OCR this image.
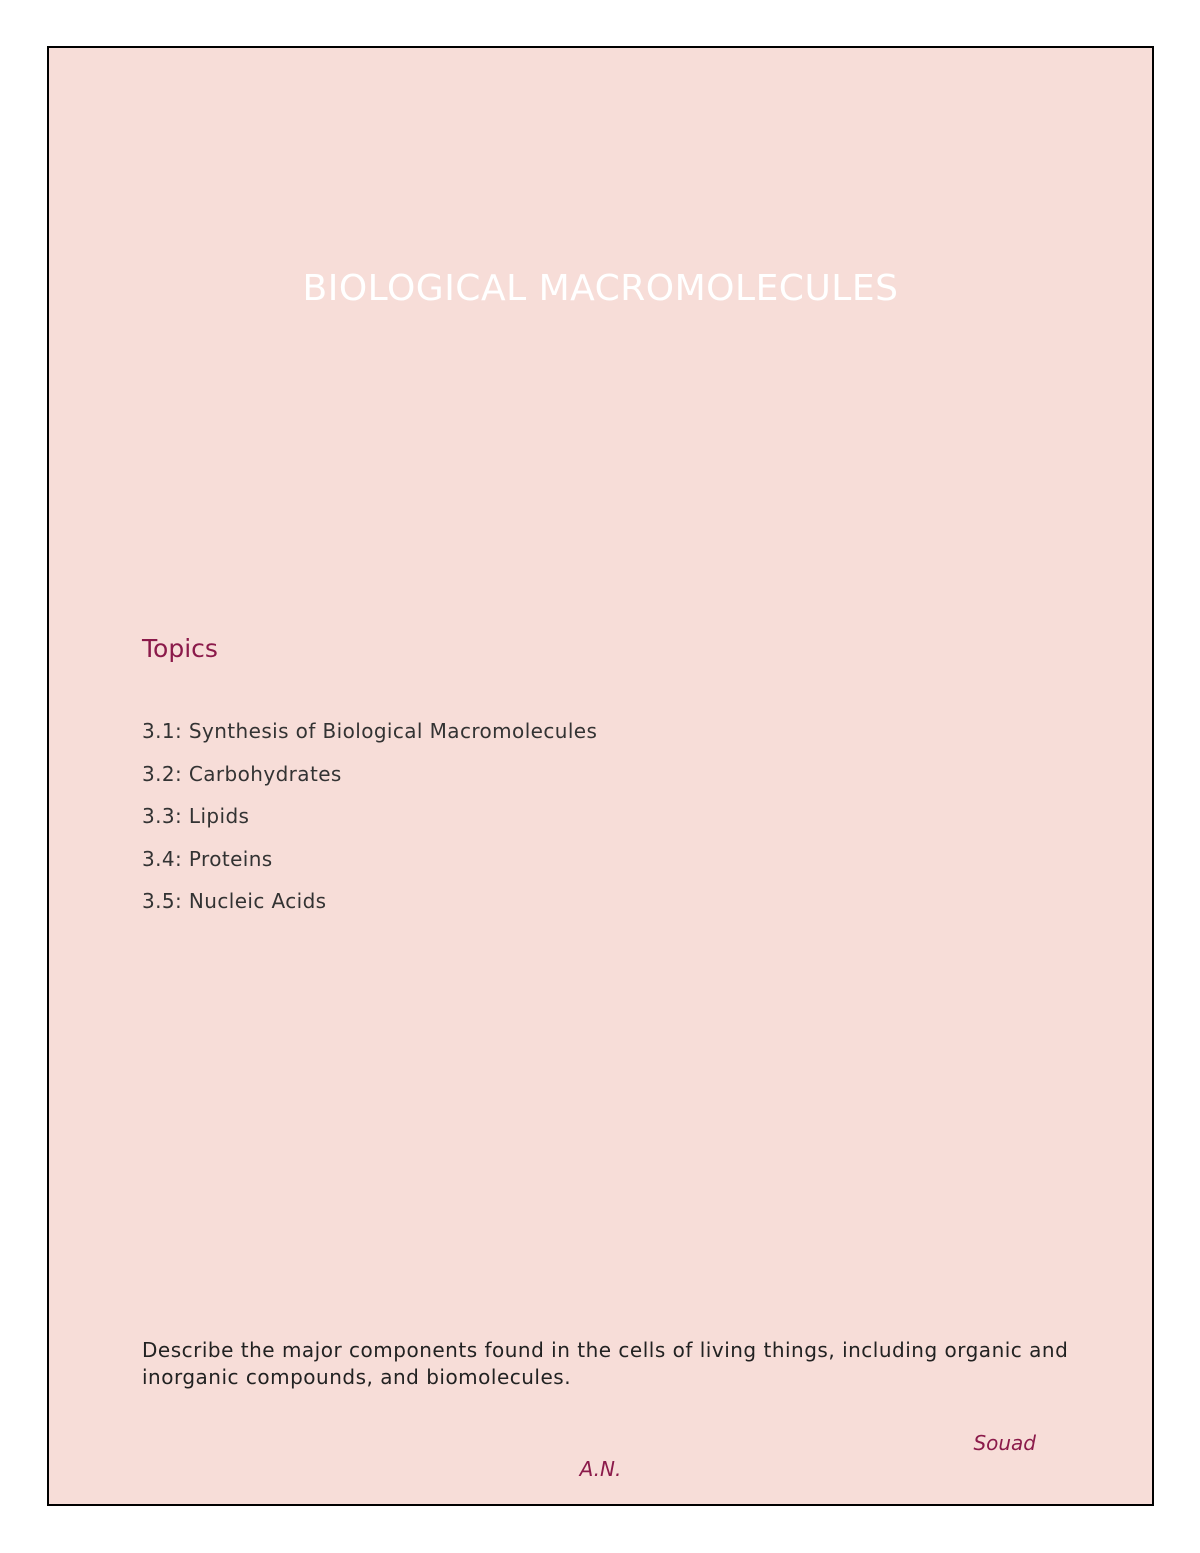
BIOLOGICAL MACROMOLECULES
Topics
3.1: Synthesis of Biological Macromolecules
3.2: Carbohydrates
3.3: Lipids
3.4: Proteins
3.5: Nucleic Acids
Describe the major components found in the cells of living things, including organic and inorganic compounds, and biomolecules.
Souad
A.N.
